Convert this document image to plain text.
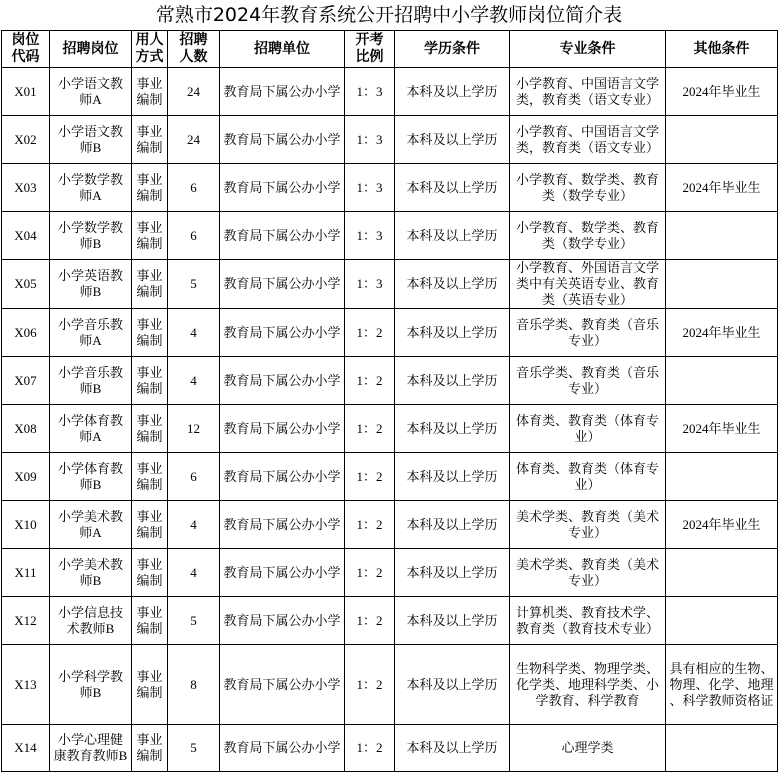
常熟市2024年教育系统公开招聘中小学教师岗位简介表
岗位代码	招聘岗位	用人方式	招聘人数	招聘单位	开考比例	学历条件	专业条件	其他条件
X01	小学语文教师A	事业编制	24	教育局下属公办小学	1：3	本科及以上学历	小学教育、中国语言文学类，教育类（语文专业）	2024年毕业生
X02	小学语文教师B	事业编制	24	教育局下属公办小学	1：3	本科及以上学历	小学教育、中国语言文学类，教育类（语文专业）	
X03	小学数学教师A	事业编制	6	教育局下属公办小学	1：3	本科及以上学历	小学教育、数学类、教育类（数学专业）	2024年毕业生
X04	小学数学教师B	事业编制	6	教育局下属公办小学	1：3	本科及以上学历	小学教育、数学类、教育类（数学专业）	
X05	小学英语教师B	事业编制	5	教育局下属公办小学	1：3	本科及以上学历	小学教育、外国语言文学类中有关英语专业、教育类（英语专业）	
X06	小学音乐教师A	事业编制	4	教育局下属公办小学	1：2	本科及以上学历	音乐学类、教育类（音乐专业）	2024年毕业生
X07	小学音乐教师B	事业编制	4	教育局下属公办小学	1：2	本科及以上学历	音乐学类、教育类（音乐专业）	
X08	小学体育教师A	事业编制	12	教育局下属公办小学	1：2	本科及以上学历	体育类、教育类（体育专业）	2024年毕业生
X09	小学体育教师B	事业编制	6	教育局下属公办小学	1：2	本科及以上学历	体育类、教育类（体育专业）	
X10	小学美术教师A	事业编制	4	教育局下属公办小学	1：2	本科及以上学历	美术学类、教育类（美术专业）	2024年毕业生
X11	小学美术教师B	事业编制	4	教育局下属公办小学	1：2	本科及以上学历	美术学类、教育类（美术专业）	
X12	小学信息技术教师B	事业编制	5	教育局下属公办小学	1：2	本科及以上学历	计算机类、教育技术学、教育类（教育技术专业）	
X13	小学科学教师B	事业编制	8	教育局下属公办小学	1：2	本科及以上学历	生物科学类、物理学类、化学类、地理科学类、小学教育、科学教育	具有相应的生物、物理、化学、地理、科学教师资格证
X14	小学心理健康教育教师B	事业编制	5	教育局下属公办小学	1：2	本科及以上学历	心理学类	
